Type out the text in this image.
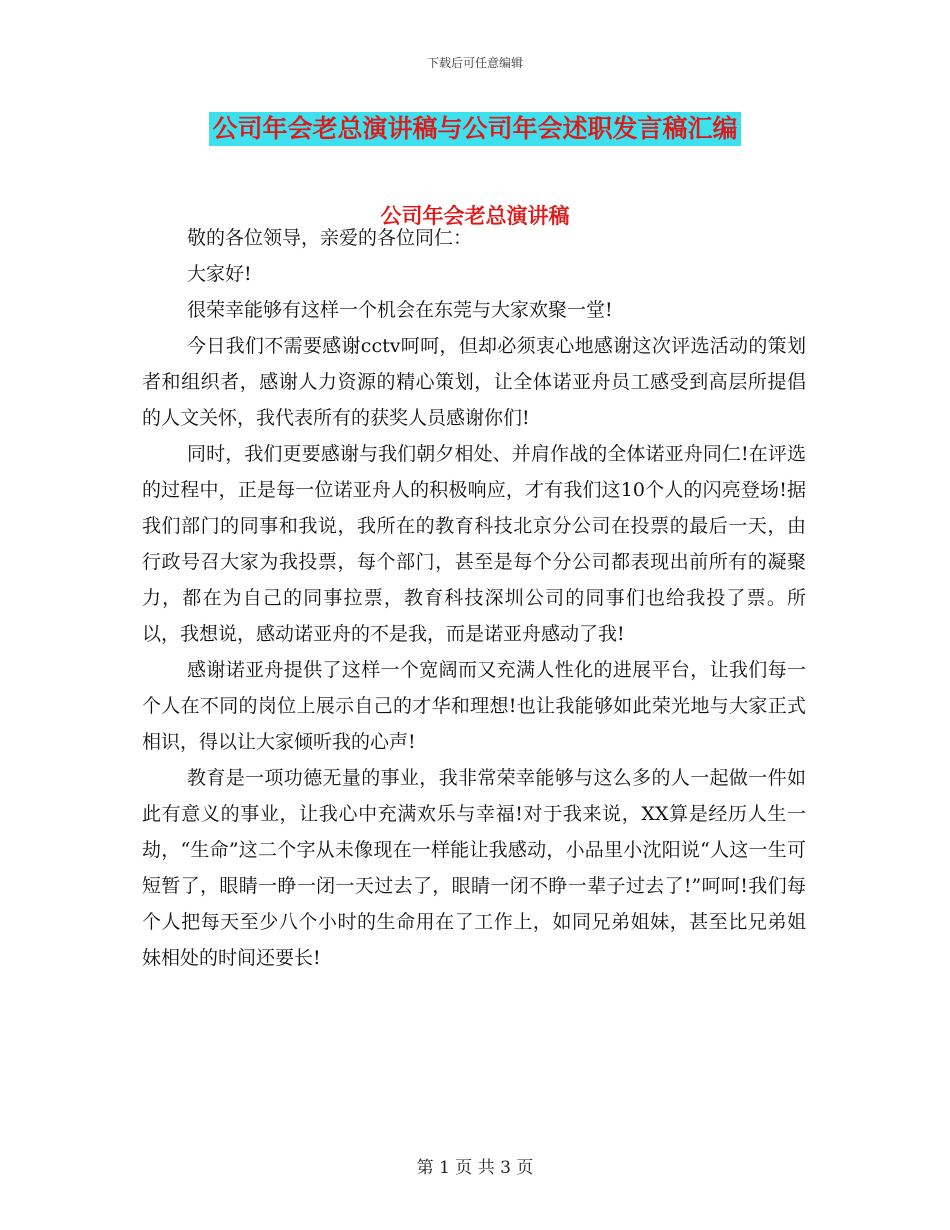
下载后可任意编辑
公司年会老总演讲稿与公司年会述职发言稿汇编
公司年会老总演讲稿

敬的各位领导，亲爱的各位同仁：

大家好!

很荣幸能够有这样一个机会在东莞与大家欢聚一堂!

今日我们不需要感谢cctv呵呵，但却必须衷心地感谢这次评选活动的策划者和组织者，感谢人力资源的精心策划，让全体诺亚舟员工感受到高层所提倡的人文关怀，我代表所有的获奖人员感谢你们!

同时，我们更要感谢与我们朝夕相处、并肩作战的全体诺亚舟同仁!在评选的过程中，正是每一位诺亚舟人的积极响应，才有我们这10个人的闪亮登场!据我们部门的同事和我说，我所在的教育科技北京分公司在投票的最后一天，由行政号召大家为我投票，每个部门，甚至是每个分公司都表现出前所有的凝聚力，都在为自己的同事拉票，教育科技深圳公司的同事们也给我投了票。所以，我想说，感动诺亚舟的不是我，而是诺亚舟感动了我!

感谢诺亚舟提供了这样一个宽阔而又充满人性化的进展平台，让我们每一个人在不同的岗位上展示自己的才华和理想!也让我能够如此荣光地与大家正式相识，得以让大家倾听我的心声!

教育是一项功德无量的事业，我非常荣幸能够与这么多的人一起做一件如此有意义的事业，让我心中充满欢乐与幸福!对于我来说，XX算是经历人生一劫，“生命”这二个字从未像现在一样能让我感动，小品里小沈阳说“人这一生可短暂了，眼睛一睁一闭一天过去了，眼睛一闭不睁一辈子过去了!”呵呵!我们每个人把每天至少八个小时的生命用在了工作上，如同兄弟姐妹，甚至比兄弟姐妹相处的时间还要长!

第 1 页 共 3 页
